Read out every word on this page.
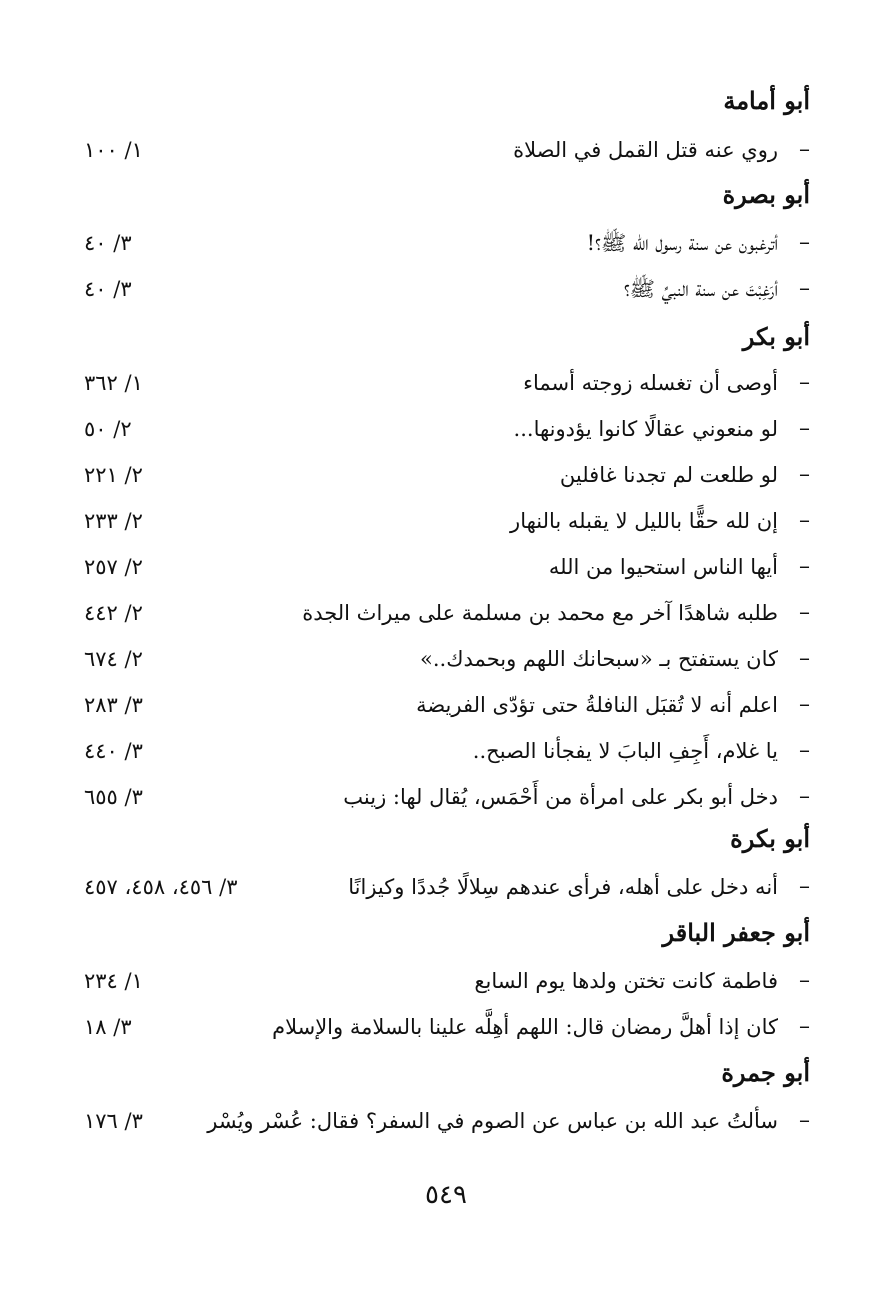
أبو أمامة
–
روي عنه قتل القمل في الصلاة
١/ ١٠٠
أبو بصرة
–
أترغبون عن سنة رسول الله ﷺ؟!
٣/ ٤٠
–
أرَغِبْتَ عن سنة النبيِّ ﷺ؟
٣/ ٤٠
أبو بكر
–
أوصى أن تغسله زوجته أسماء
١/ ٣٦٢
–
لو منعوني عقالًا كانوا يؤدونها...
٢/ ٥٠
–
لو طلعت لم تجدنا غافلين
٢/ ٢٢١
–
إن لله حقًّا بالليل لا يقبله بالنهار
٢/ ٢٣٣
–
أيها الناس استحيوا من الله
٢/ ٢٥٧
–
طلبه شاهدًا آخر مع محمد بن مسلمة على ميراث الجدة
٢/ ٤٤٢
–
كان يستفتح بـ «سبحانك اللهم وبحمدك..»
٢/ ٦٧٤
–
اعلم أنه لا تُقبَل النافلةُ حتى تؤدّى الفريضة
٣/ ٢٨٣
–
يا غلام، أَجِفِ البابَ لا يفجأنا الصبح..
٣/ ٤٤٠
–
دخل أبو بكر على امرأة من أَحْمَس، يُقال لها: زينب
٣/ ٦٥٥
أبو بكرة
–
أنه دخل على أهله، فرأى عندهم سِلالًا جُددًا وكيزانًا
٣/ ٤٥٦، ٤٥٨، ٤٥٧
أبو جعفر الباقر
–
فاطمة كانت تختن ولدها يوم السابع
١/ ٢٣٤
–
كان إذا أهلَّ رمضان قال: اللهم أهِلَّه علينا بالسلامة والإسلام
٣/ ١٨
أبو جمرة
–
سألتُ عبد الله بن عباس عن الصوم في السفر؟ فقال: عُسْر ويُسْر
٣/ ١٧٦
٥٤٩
